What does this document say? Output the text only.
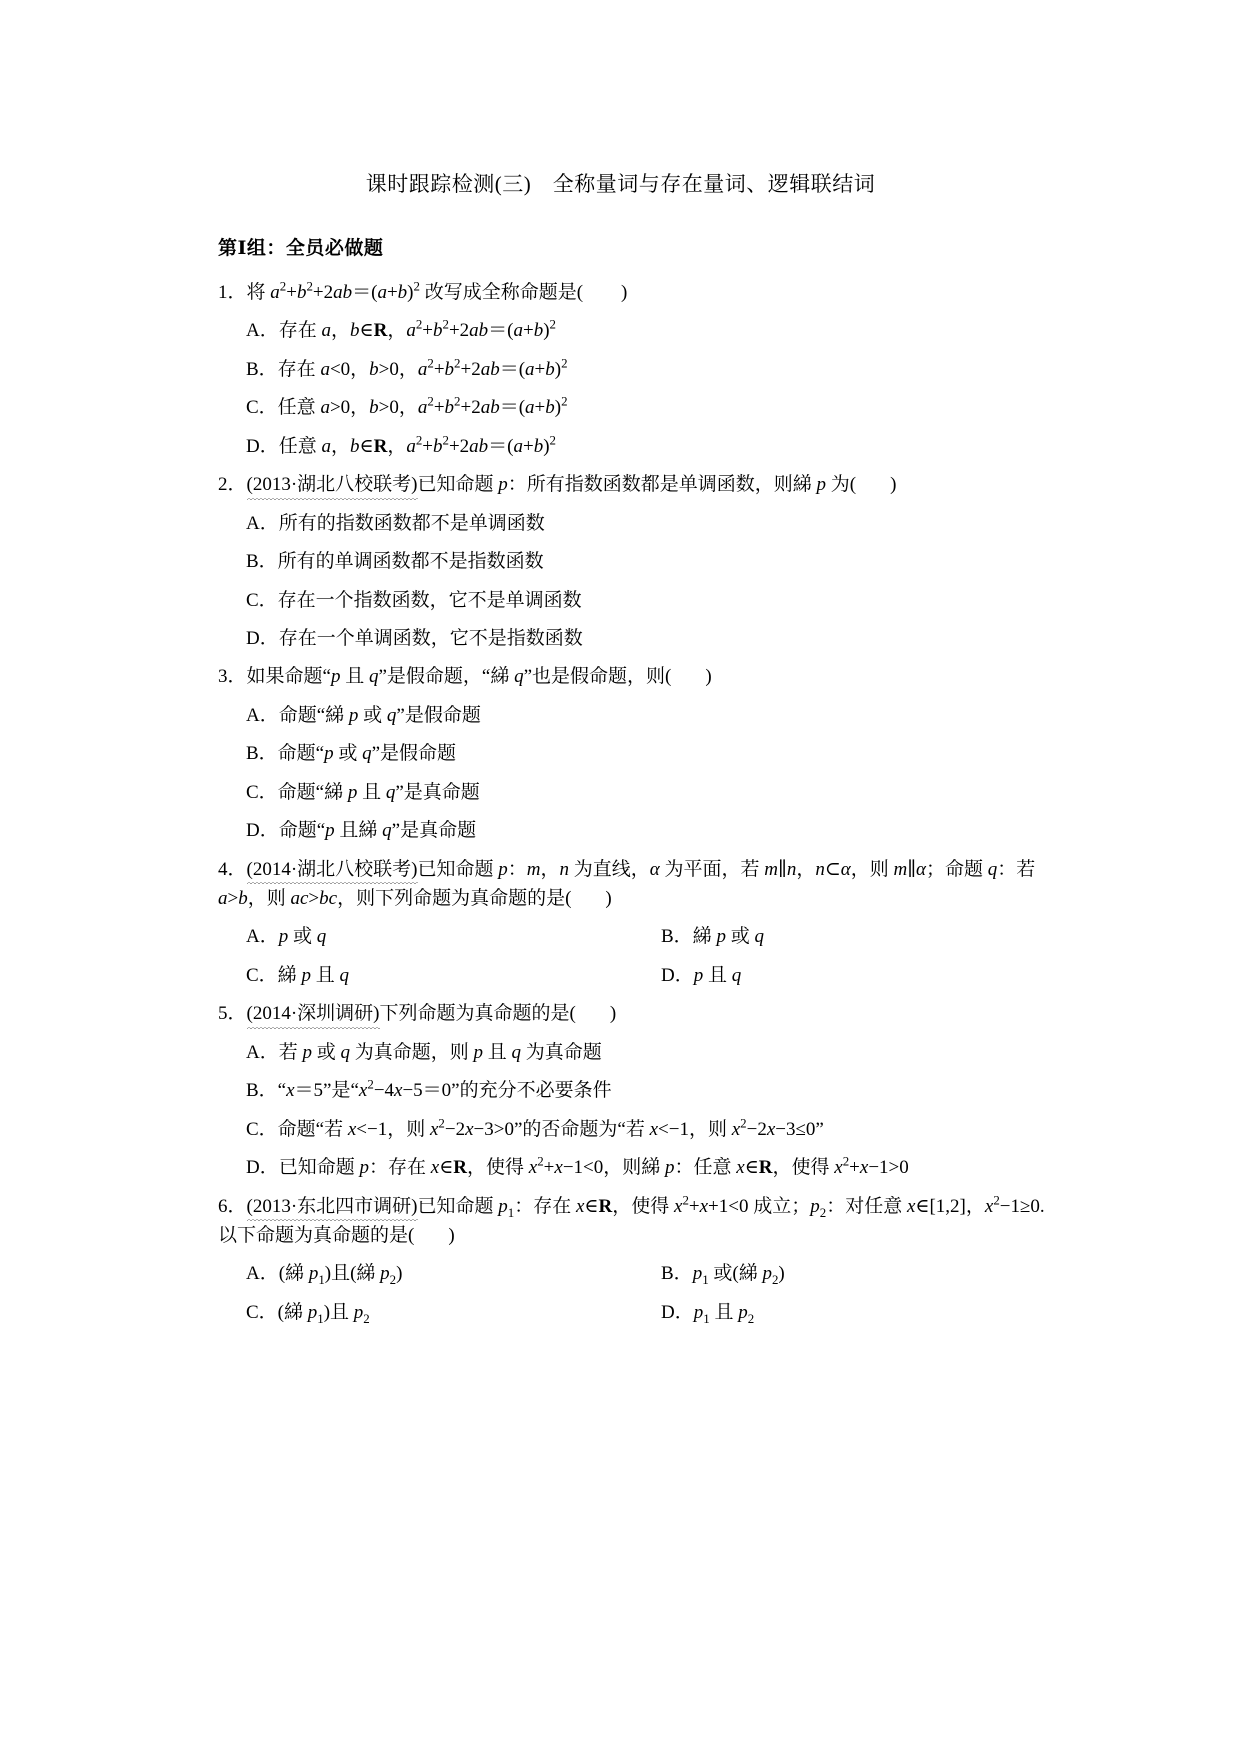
课时跟踪检测(三)　全称量词与存在量词、逻辑联结词
第Ⅰ组：全员必做题
1．将 $a^2+b^2+2ab=(a+b)^2$ 改写成全称命题是(　　)
A．存在 a，b∈R，$a^2+b^2+2ab=(a+b)^2$
B．存在 a<0，b>0，$a^2+b^2+2ab=(a+b)^2$
C．任意 a>0，b>0，$a^2+b^2+2ab=(a+b)^2$
D．任意 a，b∈R，$a^2+b^2+2ab=(a+b)^2$
2．(2013·湖北八校联考)
已知命题 p：所有指数函数都是单调函数，则綈 p 为( )
A．所有的指数函数都不是单调函数
B．所有的单调函数都不是指数函数
C．存在一个指数函数，它不是单调函数
D．存在一个单调函数，它不是指数函数
3．如果命题“p 且 q”是假命题，“綈 q”也是假命题，则( )
A．命题“綈 p 或 q”是假命题
B．命题“p 或 q”是假命题
C．命题“綈 p 且 q”是真命题
D．命题“p 且綈 q”是真命题
4．(2014·湖北八校联考)
已知命题 p：m，n 为直线，α 为平面，若 m∥n，n⊂α，则 m∥α；命题 q：若 a>b，则 ac>bc，则下列命题为真命题的是( )
A．p 或 q	B．綈 p 或 q
C．綈 p 且 q	D．p 且 q
5．(2014·深圳调研)
下列命题为真命题的是( )
A．若 p 或 q 为真命题，则 p 且 q 为真命题
B．“x＝5”是“$x^2-4x-5=0$”的充分不必要条件
C．命题“若 x<−1，则 $x^2-2x-3>0$”的否命题为“若 x<−1，则 $x^2-2x-3\le 0$”
D．已知命题 p：存在 x∈R，使得 $x^2+x-1<0$，则綈 p：任意 x∈R，使得 $x^2+x-1>0$
6．(2013·东北四市调研)
已知命题 $p_1$：存在 x∈R，使得 $x^2+x+1<0$ 成立；$p_2$：对任意 x∈[1,2]，$x^2-1\ge 0$.以下命题为真命题的是( )
A．(綈 $p_1$)且(綈 $p_2$)	B．$p_1$ 或(綈 $p_2$)
C．(綈 $p_1$)且 $p_2$	D．$p_1$ 且 $p_2$
